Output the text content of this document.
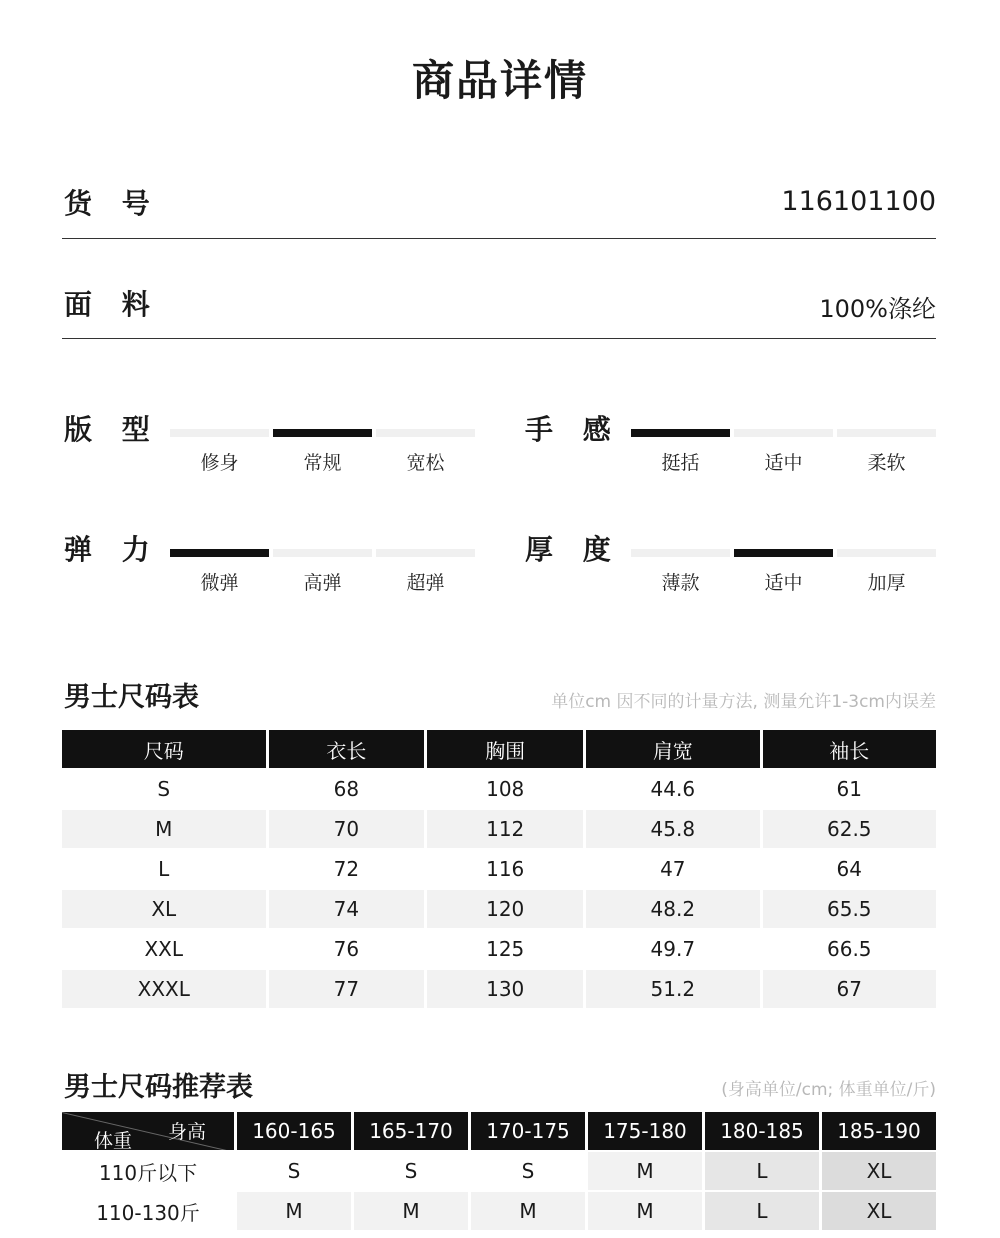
商品详情
货 号	116101100
面 料	100%涤纶
版 型
修身	常规	宽松
手 感
挺括	适中	柔软
弹 力
微弹	高弹	超弹
厚 度
薄款	适中	加厚
男士尺码表	单位cm 因不同的计量方法, 测量允许1-3cm内误差
尺码	衣长	胸围	肩宽	袖长
S	68	108	44.6	61
M	70	112	45.8	62.5
L	72	116	47	64
XL	74	120	48.2	65.5
XXL	76	125	49.7	66.5
XXXL	77	130	51.2	67
男士尺码推荐表	(身高单位/cm; 体重单位/斤)
体重 身高	160-165	165-170	170-175	175-180	180-185	185-190
110斤以下	S	S	S	M	L	XL
110-130斤	M	M	M	M	L	XL
